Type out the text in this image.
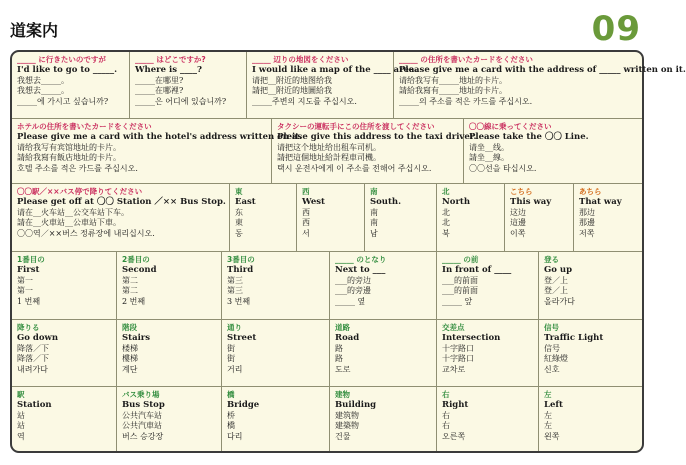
道案内	09
_____ に行きたいのですが
I'd like to go to _____.
我想去_____。
我想去_____。
_____에 가시고 싶습니까?
_____ はどこですか?
Where is ____?
_____在哪里?
_____在哪裡?
_____은 어디에 있습니까?
_____ 辺りの地図をください
I would like a map of the ____ area.
请把__附近的地图给我
請把__附近的地圖給我
_____주변의 지도를 주십시오.
_____ の住所を書いたカードをください
Please give me a card with the address of _____ written on it.
请给我写有_____地址的卡片。
請給我寫有_____地址的卡片。
_____의 주소를 적은 카드를 주십시오.
ホテルの住所を書いたカードをください
Please give me a card with the hotel's address written on it.
请给我写有宾馆地址的卡片。
請給我寫有飯店地址的卡片。
호텔 주소를 적은 카드를 주십시오.
タクシーの運転手にこの住所を渡してください
Please give this address to the taxi driver.
请把这个地址给出租车司机。
請把這個地址給計程車司機。
택시 운전사에게 이 주소를 전해어 주십시오.
〇〇線に乗ってください
Please take the 〇〇 Line.
请坐__线。
請坐__線。
〇〇선을 타십시오.
〇〇駅／××バス停で降りてください
Please get off at 〇〇 Station ／×× Bus Stop.
请在__火车站__公交车站下车。
請在__火車站__公車站下車。
〇〇역／××버스 정류장에 내리십시오.
東
East
东
東
동
西
West
西
西
서
南
South.
南
南
남
北
North
北
北
북
こちら
This way
这边
這邊
이쪽
あちら
That way
那边
那邊
저쪽
1番目の
First
第一
第一
1 번째
2番目の
Second
第二
第二
2 번째
3番目の
Third
第三
第三
3 번째
_____ のとなり
Next to ___
___的旁边
___的旁邊
_____ 옆
_____ の前
In front of ____
___的前面
___的前面
_____ 앞
登る
Go up
登／上
登／上
올라가다
降りる
Go down
降落／下
降落／下
내려가다
階段
Stairs
楼梯
樓梯
계단
通り
Street
街
街
거리
道路
Road
路
路
도로
交差点
Intersection
十字路口
十字路口
교차로
信号
Traffic Light
信号
紅綠燈
신호
駅
Station
站
站
역
バス乗り場
Bus Stop
公共汽车站
公共汽車站
버스 승강장
橋
Bridge
桥
橋
다리
建物
Building
建筑物
建築物
건물
右
Right
右
右
오른쪽
左
Left
左
左
왼쪽
